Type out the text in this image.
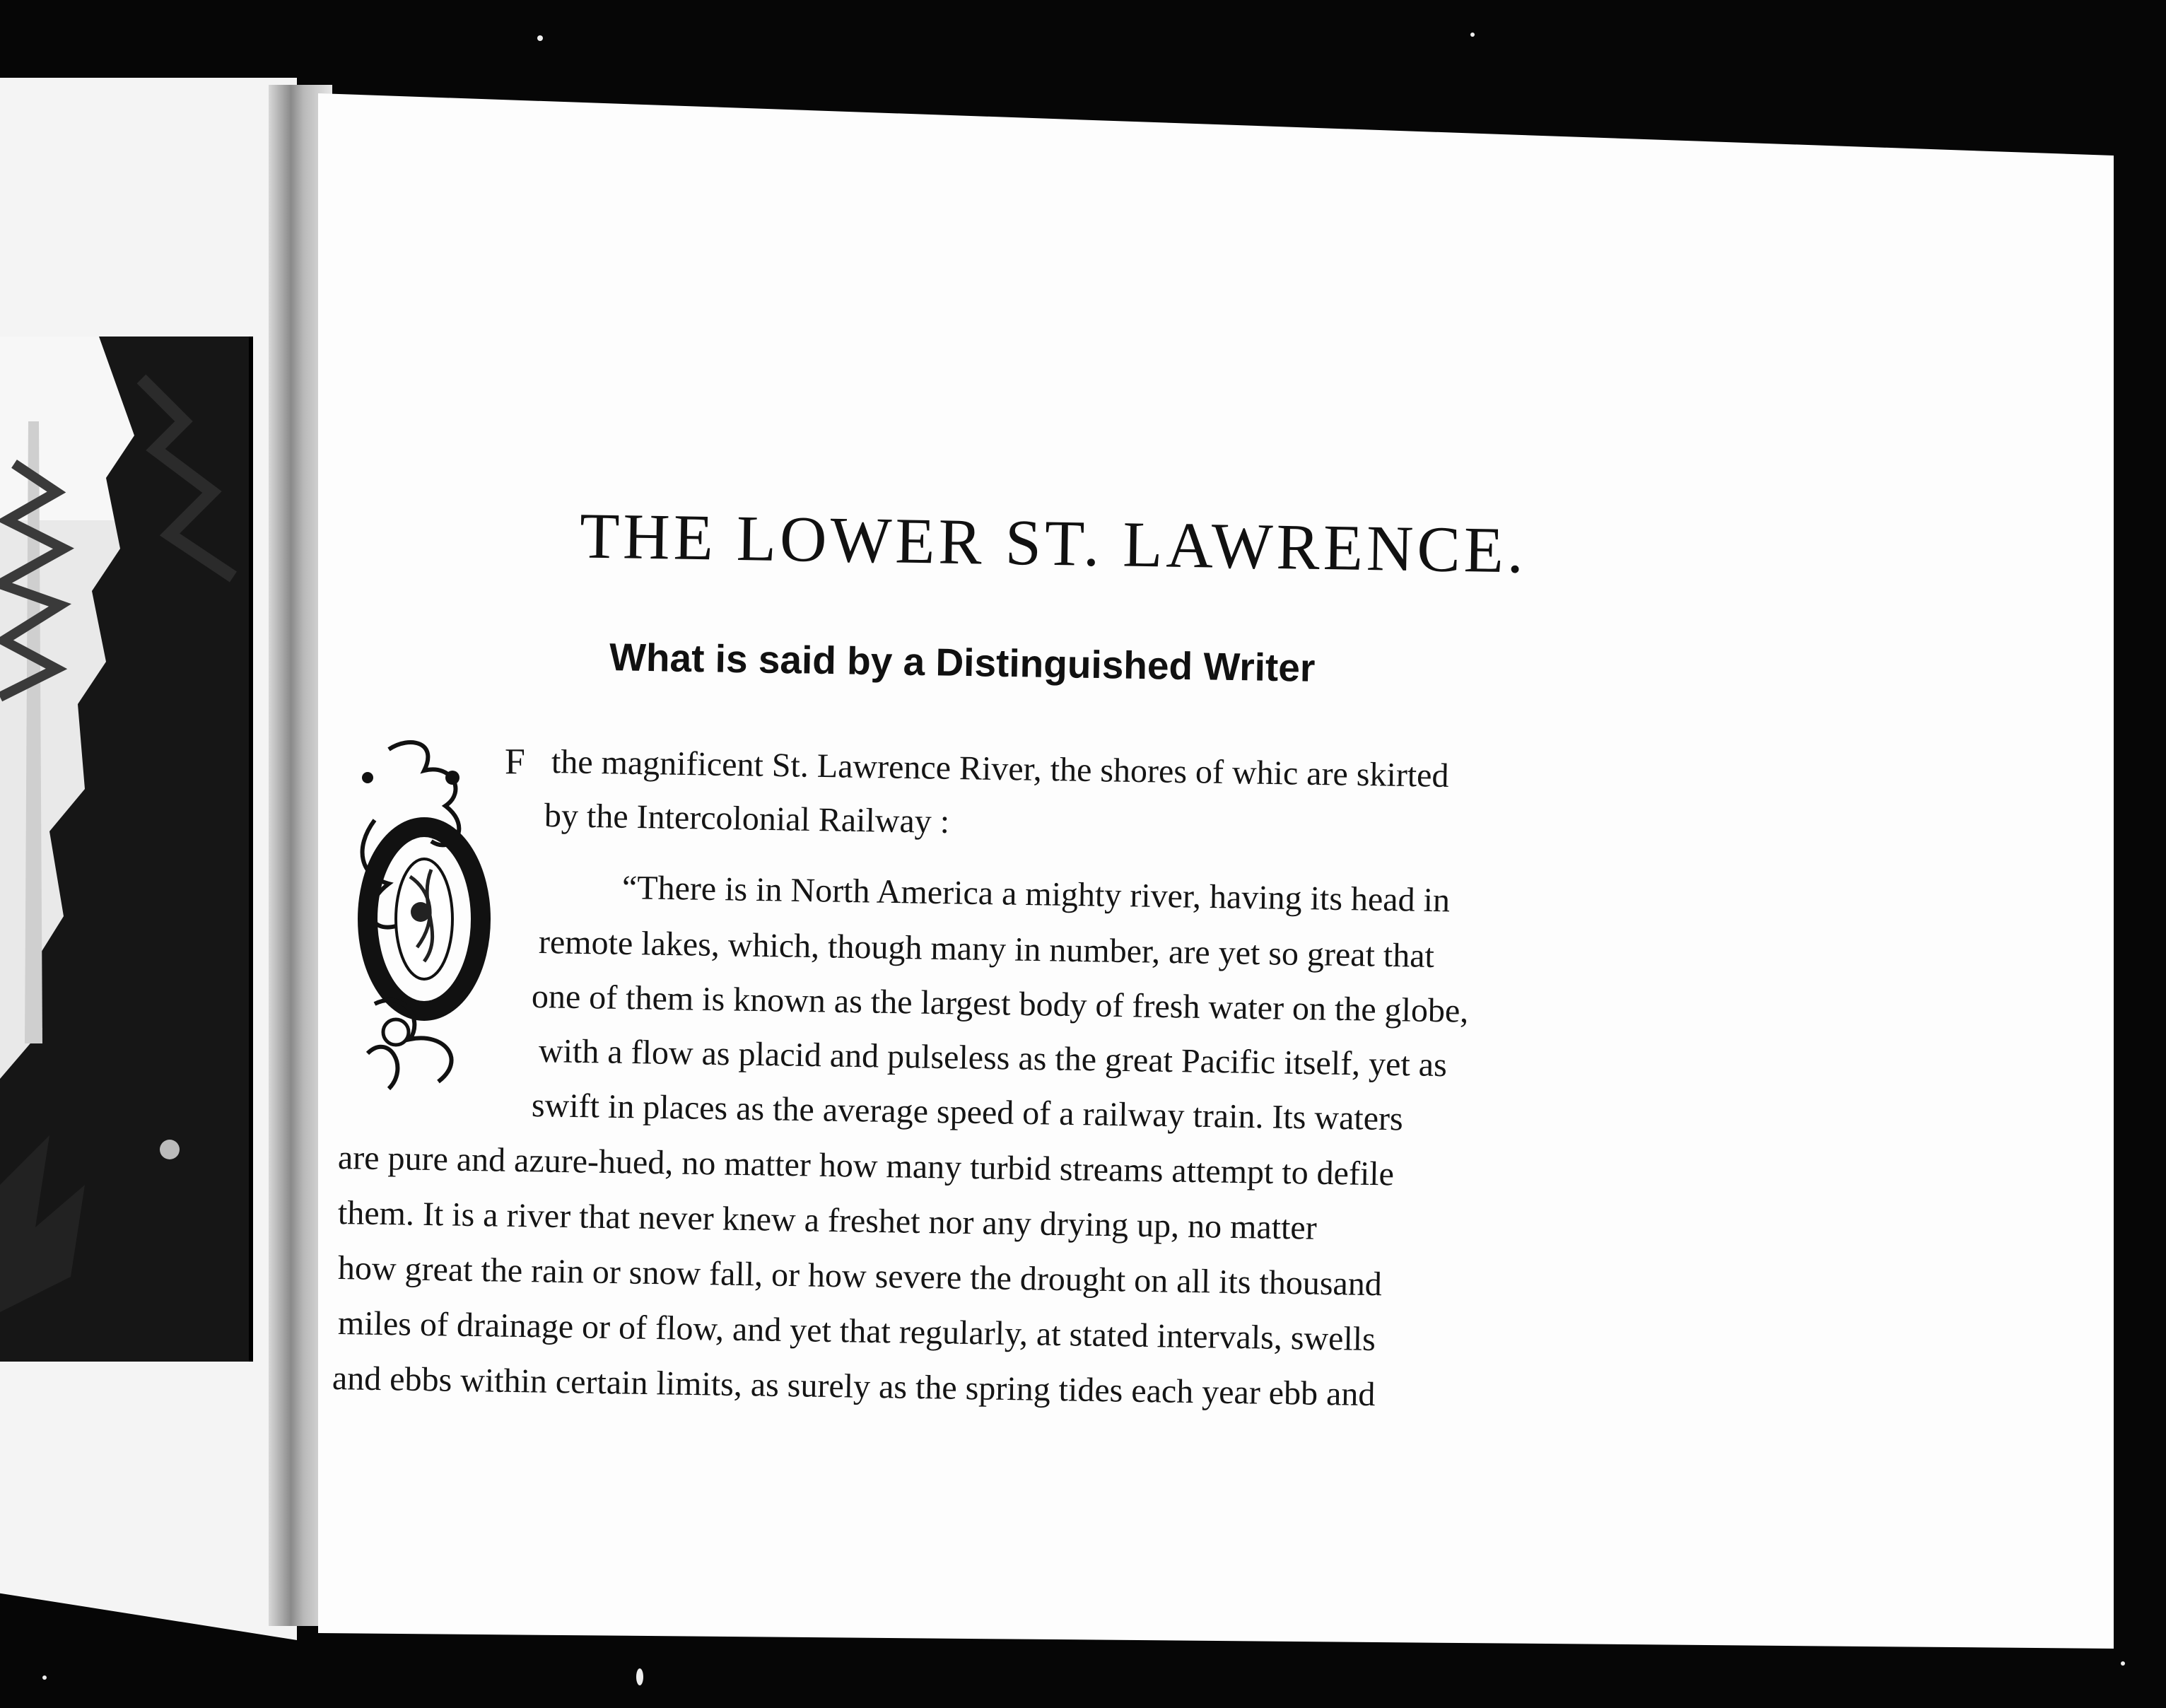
THE LOWER ST. LAWRENCE.
What is said by a Distinguished Writer
F the magnificent St. Lawrence River, the shores of whic are skirted
by the Intercolonial Railway :
“There is in North America a mighty river, having its head in
remote lakes, which, though many in number, are yet so great that
one of them is known as the largest body of fresh water on the globe,
with a flow as placid and pulseless as the great Pacific itself, yet as
swift in places as the average speed of a railway train. Its waters
are pure and azure-hued, no matter how many turbid streams attempt to defile
them. It is a river that never knew a freshet nor any drying up, no matter
how great the rain or snow fall, or how severe the drought on all its thousand
miles of drainage or of flow, and yet that regularly, at stated intervals, swells
and ebbs within certain limits, as surely as the spring tides each year ebb and
